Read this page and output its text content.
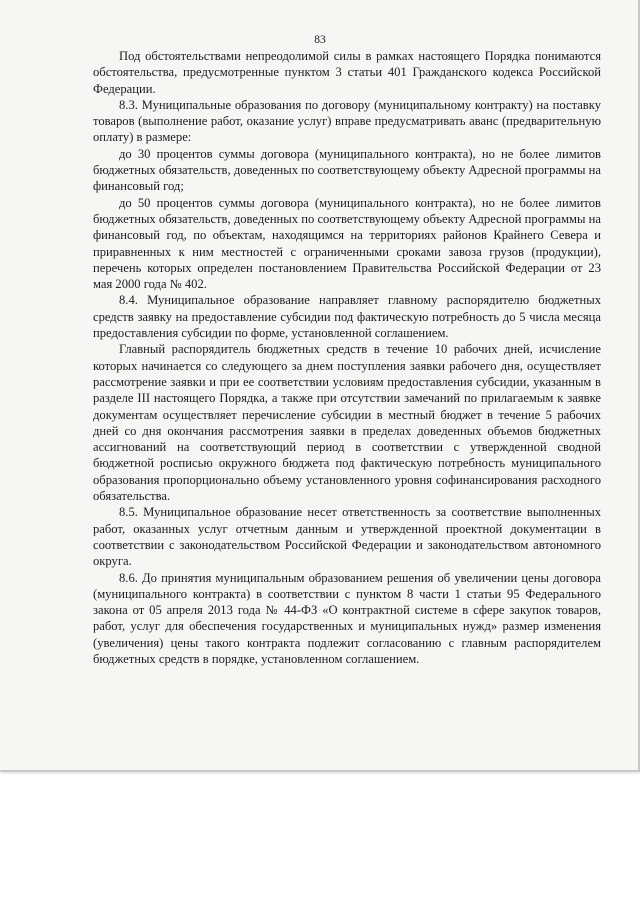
83

Под обстоятельствами непреодолимой силы в рамках настоящего Порядка понимаются обстоятельства, предусмотренные пунктом 3 статьи 401 Гражданского кодекса Российской Федерации.

8.3. Муниципальные образования по договору (муниципальному контракту) на поставку товаров (выполнение работ, оказание услуг) вправе предусматривать аванс (предварительную оплату) в размере:

до 30 процентов суммы договора (муниципального контракта), но не более лимитов бюджетных обязательств, доведенных по соответствующему объекту Адресной программы на финансовый год;

до 50 процентов суммы договора (муниципального контракта), но не более лимитов бюджетных обязательств, доведенных по соответствующему объекту Адресной программы на финансовый год, по объектам, находящимся на территориях районов Крайнего Севера и приравненных к ним местностей с ограниченными сроками завоза грузов (продукции), перечень которых определен постановлением Правительства Российской Федерации от 23 мая 2000 года № 402.

8.4. Муниципальное образование направляет главному распорядителю бюджетных средств заявку на предоставление субсидии под фактическую потребность до 5 числа месяца предоставления субсидии по форме, установленной соглашением.

Главный распорядитель бюджетных средств в течение 10 рабочих дней, исчисление которых начинается со следующего за днем поступления заявки рабочего дня, осуществляет рассмотрение заявки и при ее соответствии условиям предоставления субсидии, указанным в разделе III настоящего Порядка, а также при отсутствии замечаний по прилагаемым к заявке документам осуществляет перечисление субсидии в местный бюджет в течение 5 рабочих дней со дня окончания рассмотрения заявки в пределах доведенных объемов бюджетных ассигнований на соответствующий период в соответствии с утвержденной сводной бюджетной росписью окружного бюджета под фактическую потребность муниципального образования пропорционально объему установленного уровня софинансирования расходного обязательства.

8.5. Муниципальное образование несет ответственность за соответствие выполненных работ, оказанных услуг отчетным данным и утвержденной проектной документации в соответствии с законодательством Российской Федерации и законодательством автономного округа.

8.6. До принятия муниципальным образованием решения об увеличении цены договора (муниципального контракта) в соответствии с пунктом 8 части 1 статьи 95 Федерального закона от 05 апреля 2013 года № 44-ФЗ «О контрактной системе в сфере закупок товаров, работ, услуг для обеспечения государственных и муниципальных нужд» размер изменения (увеличения) цены такого контракта подлежит согласованию с главным распорядителем бюджетных средств в порядке, установленном соглашением.
